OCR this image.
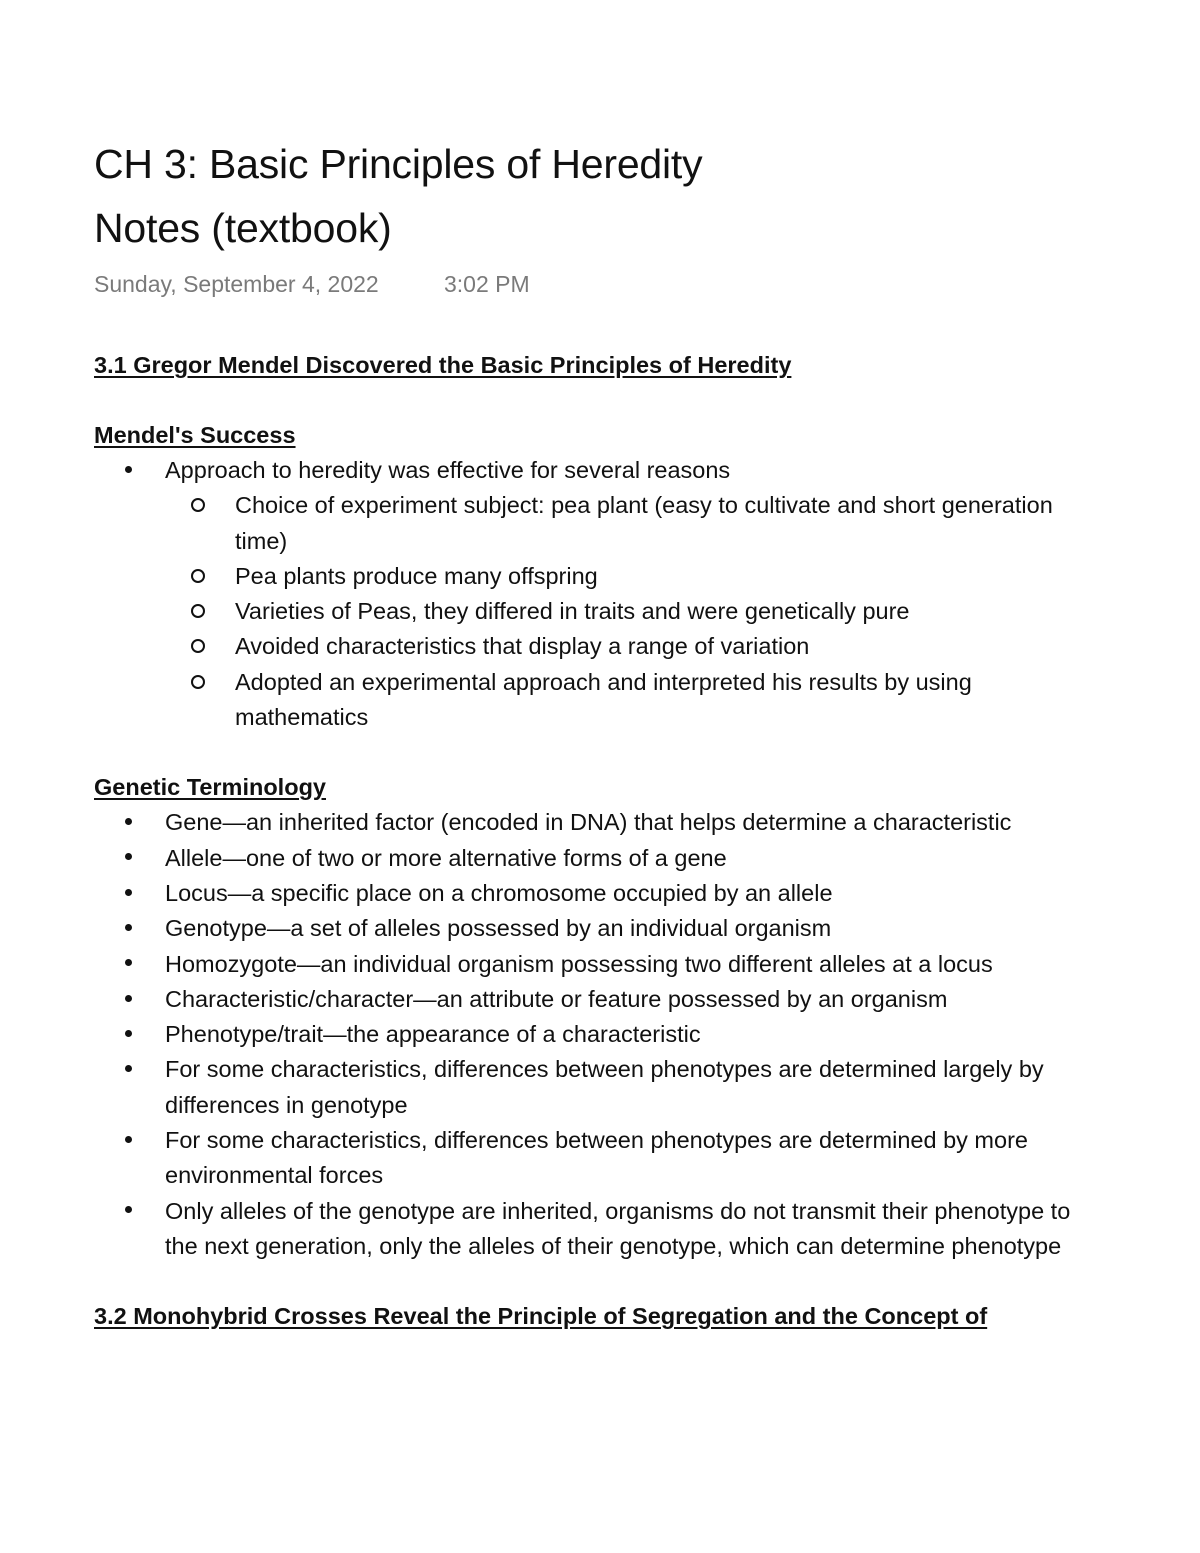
CH 3: Basic Principles of Heredity
Notes (textbook)
Sunday, September 4, 2022	3:02 PM
3.1 Gregor Mendel Discovered the Basic Principles of Heredity
Mendel's Success
Approach to heredity was effective for several reasons
Choice of experiment subject: pea plant (easy to cultivate and short generation time)
Pea plants produce many offspring
Varieties of Peas, they differed in traits and were genetically pure
Avoided characteristics that display a range of variation
Adopted an experimental approach and interpreted his results by using mathematics
Genetic Terminology
Gene—an inherited factor (encoded in DNA) that helps determine a characteristic
Allele—one of two or more alternative forms of a gene
Locus—a specific place on a chromosome occupied by an allele
Genotype—a set of alleles possessed by an individual organism
Homozygote—an individual organism possessing two different alleles at a locus
Characteristic/character—an attribute or feature possessed by an organism
Phenotype/trait—the appearance of a characteristic
For some characteristics, differences between phenotypes are determined largely by differences in genotype
For some characteristics, differences between phenotypes are determined by more environmental forces
Only alleles of the genotype are inherited, organisms do not transmit their phenotype to the next generation, only the alleles of their genotype, which can determine phenotype
3.2 Monohybrid Crosses Reveal the Principle of Segregation and the Concept of
